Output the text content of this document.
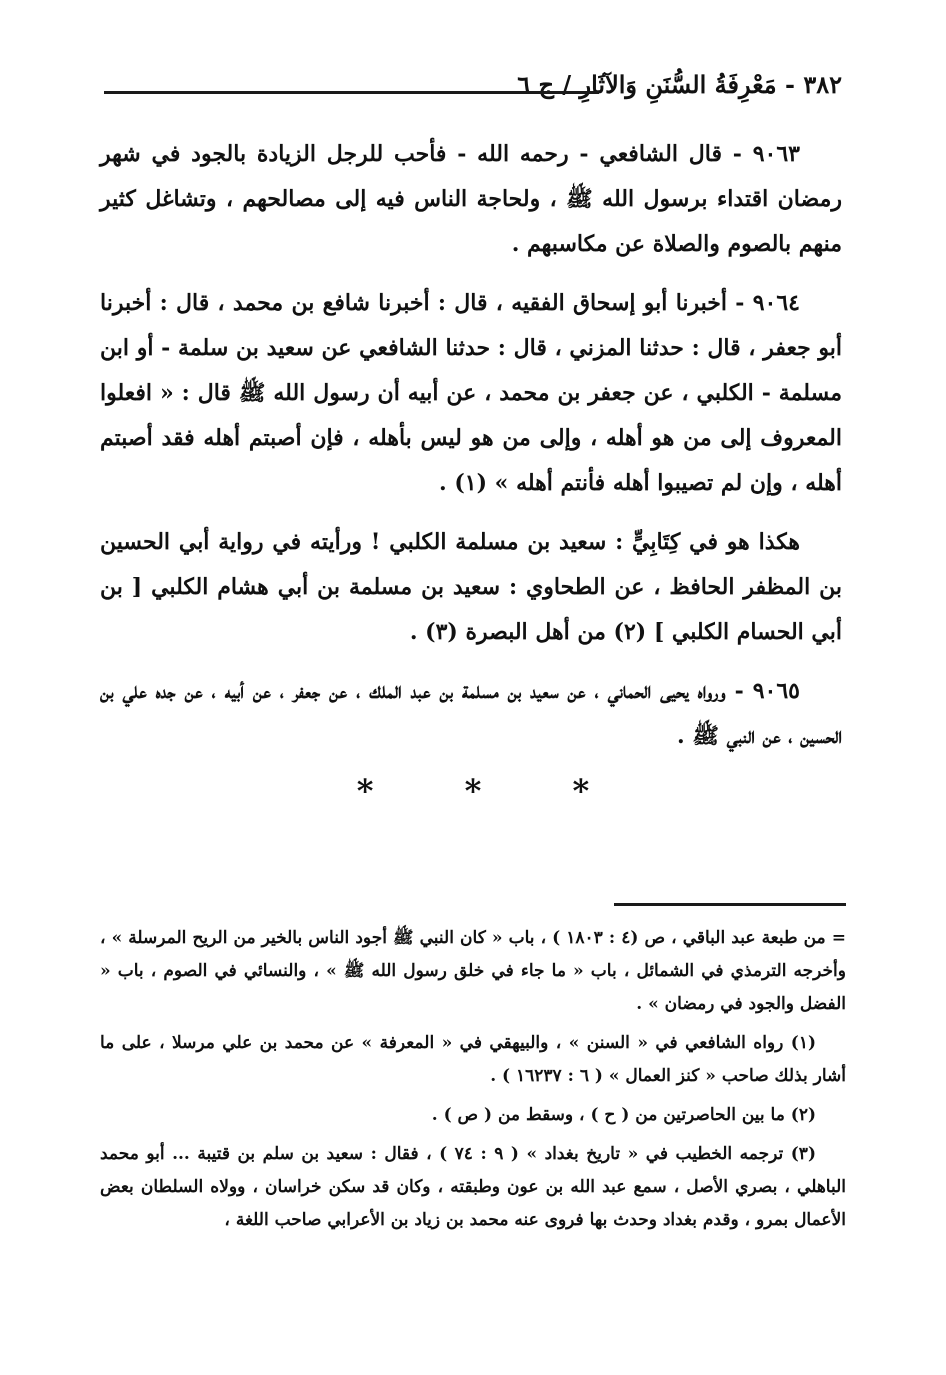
٣٨٢ - مَعْرِفَةُ السُّنَنِ وَالآثَارِ / ج ٦

٩٠٦٣ - قال الشافعي - رحمه الله - فأحب للرجل الزيادة بالجود في شهر رمضان اقتداء برسول الله ﷺ ، ولحاجة الناس فيه إلى مصالحهم ، وتشاغل كثير منهم بالصوم والصلاة عن مكاسبهم .

٩٠٦٤ - أخبرنا أبو إسحاق الفقيه ، قال : أخبرنا شافع بن محمد ، قال : أخبرنا أبو جعفر ، قال : حدثنا المزني ، قال : حدثنا الشافعي عن سعيد بن سلمة - أو ابن مسلمة - الكلبي ، عن جعفر بن محمد ، عن أبيه أن رسول الله ﷺ قال : « افعلوا المعروف إلى من هو أهله ، وإلى من هو ليس بأهله ، فإن أصبتم أهله فقد أصبتم أهله ، وإن لم تصيبوا أهله فأنتم أهله » (١) .

هكذا هو في كِتَابِيٍّ : سعيد بن مسلمة الكلبي ! ورأيته في رواية أبي الحسين بن المظفر الحافظ ، عن الطحاوي : سعيد بن مسلمة بن أبي هشام الكلبي [ بن أبي الحسام الكلبي ] (٢) من أهل البصرة (٣) .

٩٠٦٥ - ورواه يحيى الحماني ، عن سعيد بن مسلمة بن عبد الملك ، عن جعفر ، عن أبيه ، عن جده علي بن الحسين ، عن النبي ﷺ .

* * *

= من طبعة عبد الباقي ، ص (٤ : ١٨٠٣ ) ، باب « كان النبي ﷺ أجود الناس بالخير من الريح المرسلة » ، وأخرجه الترمذي في الشمائل ، باب « ما جاء في خلق رسول الله ﷺ » ، والنسائي في الصوم ، باب « الفضل والجود في رمضان » .

(١) رواه الشافعي في « السنن » ، والبيهقي في « المعرفة » عن محمد بن علي مرسلا ، على ما أشار بذلك صاحب « كنز العمال » ( ٦ : ١٦٢٣٧ ) .

(٢) ما بين الحاصرتين من ( ح ) ، وسقط من ( ص ) .

(٣) ترجمه الخطيب في « تاريخ بغداد » ( ٩ : ٧٤ ) ، فقال : سعيد بن سلم بن قتيبة ... أبو محمد الباهلي ، بصري الأصل ، سمع عبد الله بن عون وطبقته ، وكان قد سكن خراسان ، وولاه السلطان بعض الأعمال بمرو ، وقدم بغداد وحدث بها فروى عنه محمد بن زياد بن الأعرابي صاحب اللغة ،
